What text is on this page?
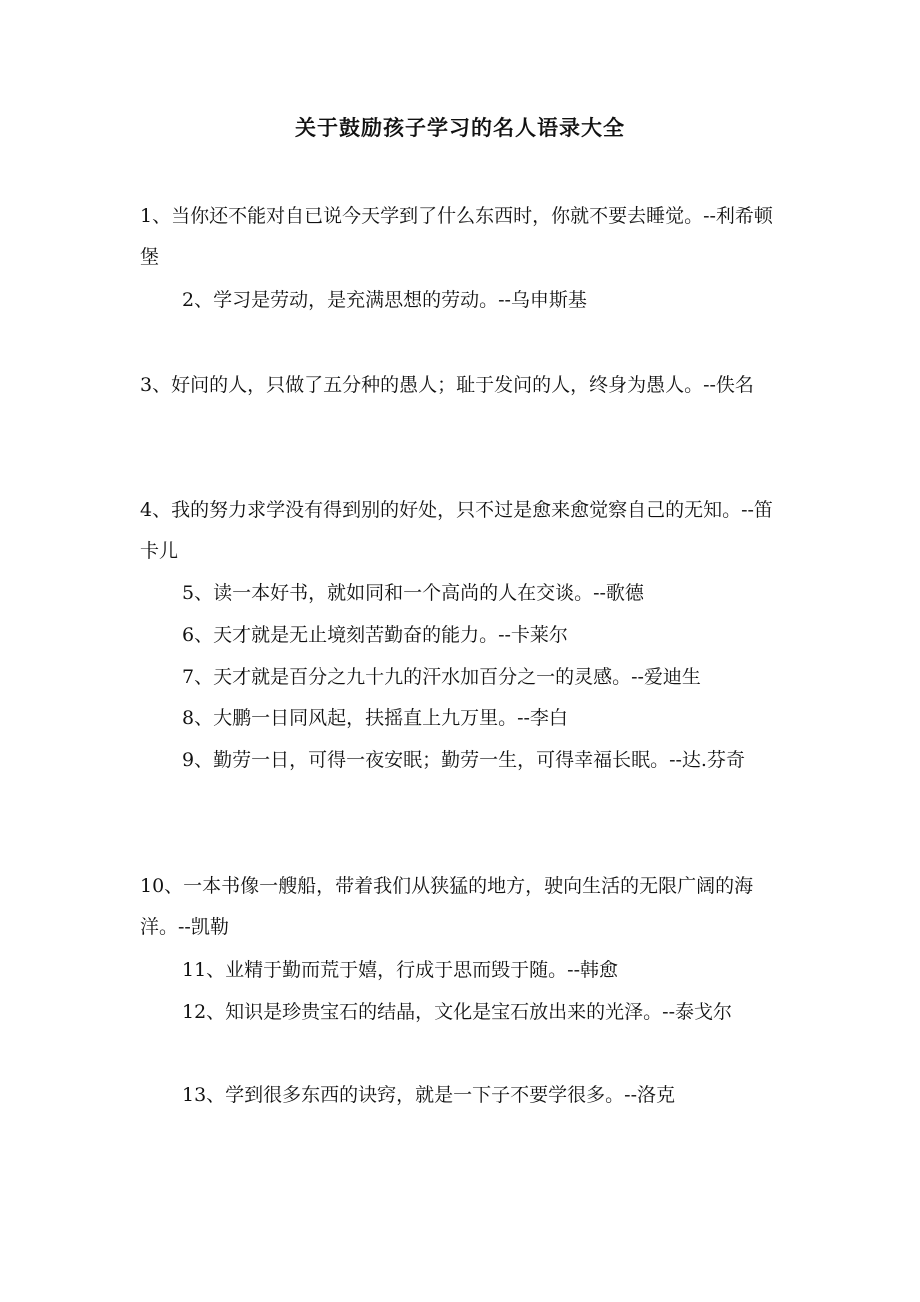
关于鼓励孩子学习的名人语录大全
1、当你还不能对自已说今天学到了什么东西时，你就不要去睡觉。--利希顿堡
2、学习是劳动，是充满思想的劳动。--乌申斯基
3、好问的人，只做了五分种的愚人；耻于发问的人，终身为愚人。--佚名
4、我的努力求学没有得到别的好处，只不过是愈来愈觉察自己的无知。--笛卡儿
5、读一本好书，就如同和一个高尚的人在交谈。--歌德
6、天才就是无止境刻苦勤奋的能力。--卡莱尔
7、天才就是百分之九十九的汗水加百分之一的灵感。--爱迪生
8、大鹏一日同风起，扶摇直上九万里。--李白
9、勤劳一日，可得一夜安眠；勤劳一生，可得幸福长眠。--达.芬奇
10、一本书像一艘船，带着我们从狭猛的地方，驶向生活的无限广阔的海洋。--凯勒
11、业精于勤而荒于嬉，行成于思而毁于随。--韩愈
12、知识是珍贵宝石的结晶，文化是宝石放出来的光泽。--泰戈尔
13、学到很多东西的诀窍，就是一下子不要学很多。--洛克
